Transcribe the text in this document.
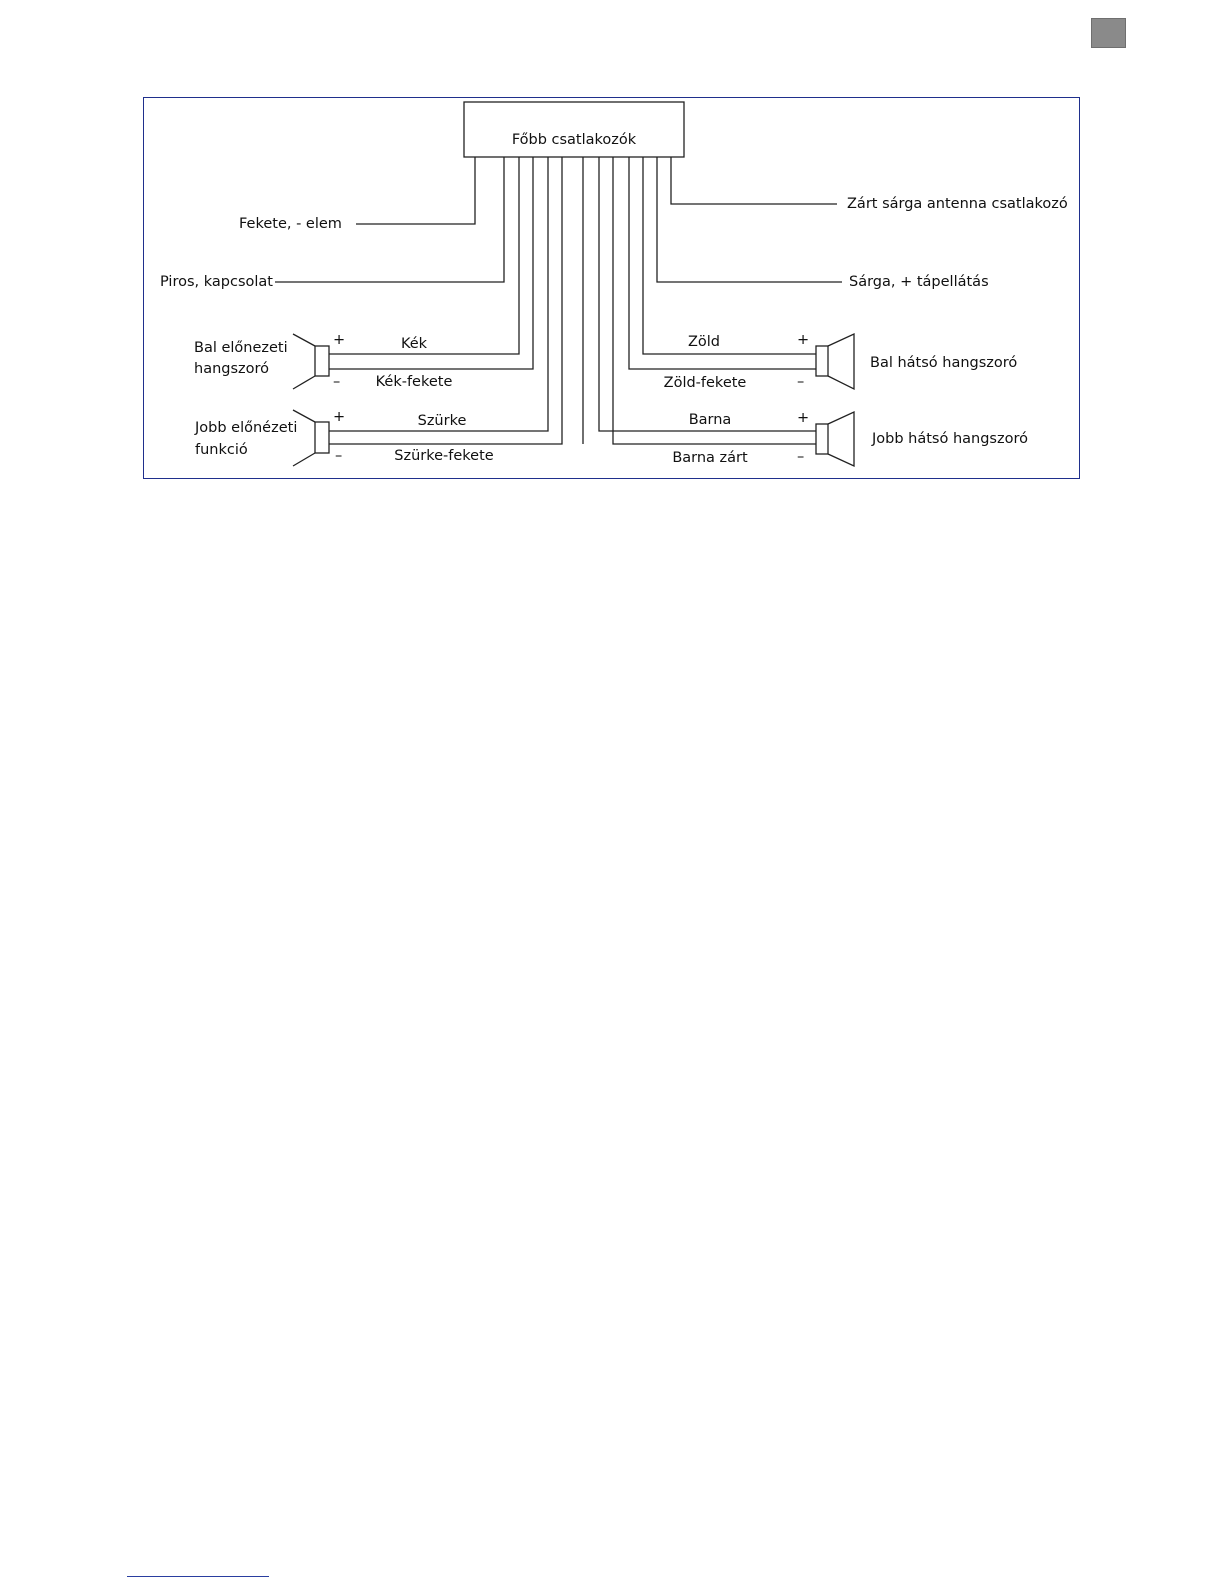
Főbb csatlakozók
Fekete, - elem
Piros, kapcsolat
Bal előnezeti
hangszoró
Jobb előnézeti
funkció
Kék
Kék-fekete
Szürke
Szürke-fekete
+
–
+
–
Zárt sárga antenna csatlakozó
Sárga, + tápellátás
Bal hátsó hangszoró
Jobb hátsó hangszoró
Zöld
Zöld-fekete
Barna
Barna zárt
+
–
+
–
